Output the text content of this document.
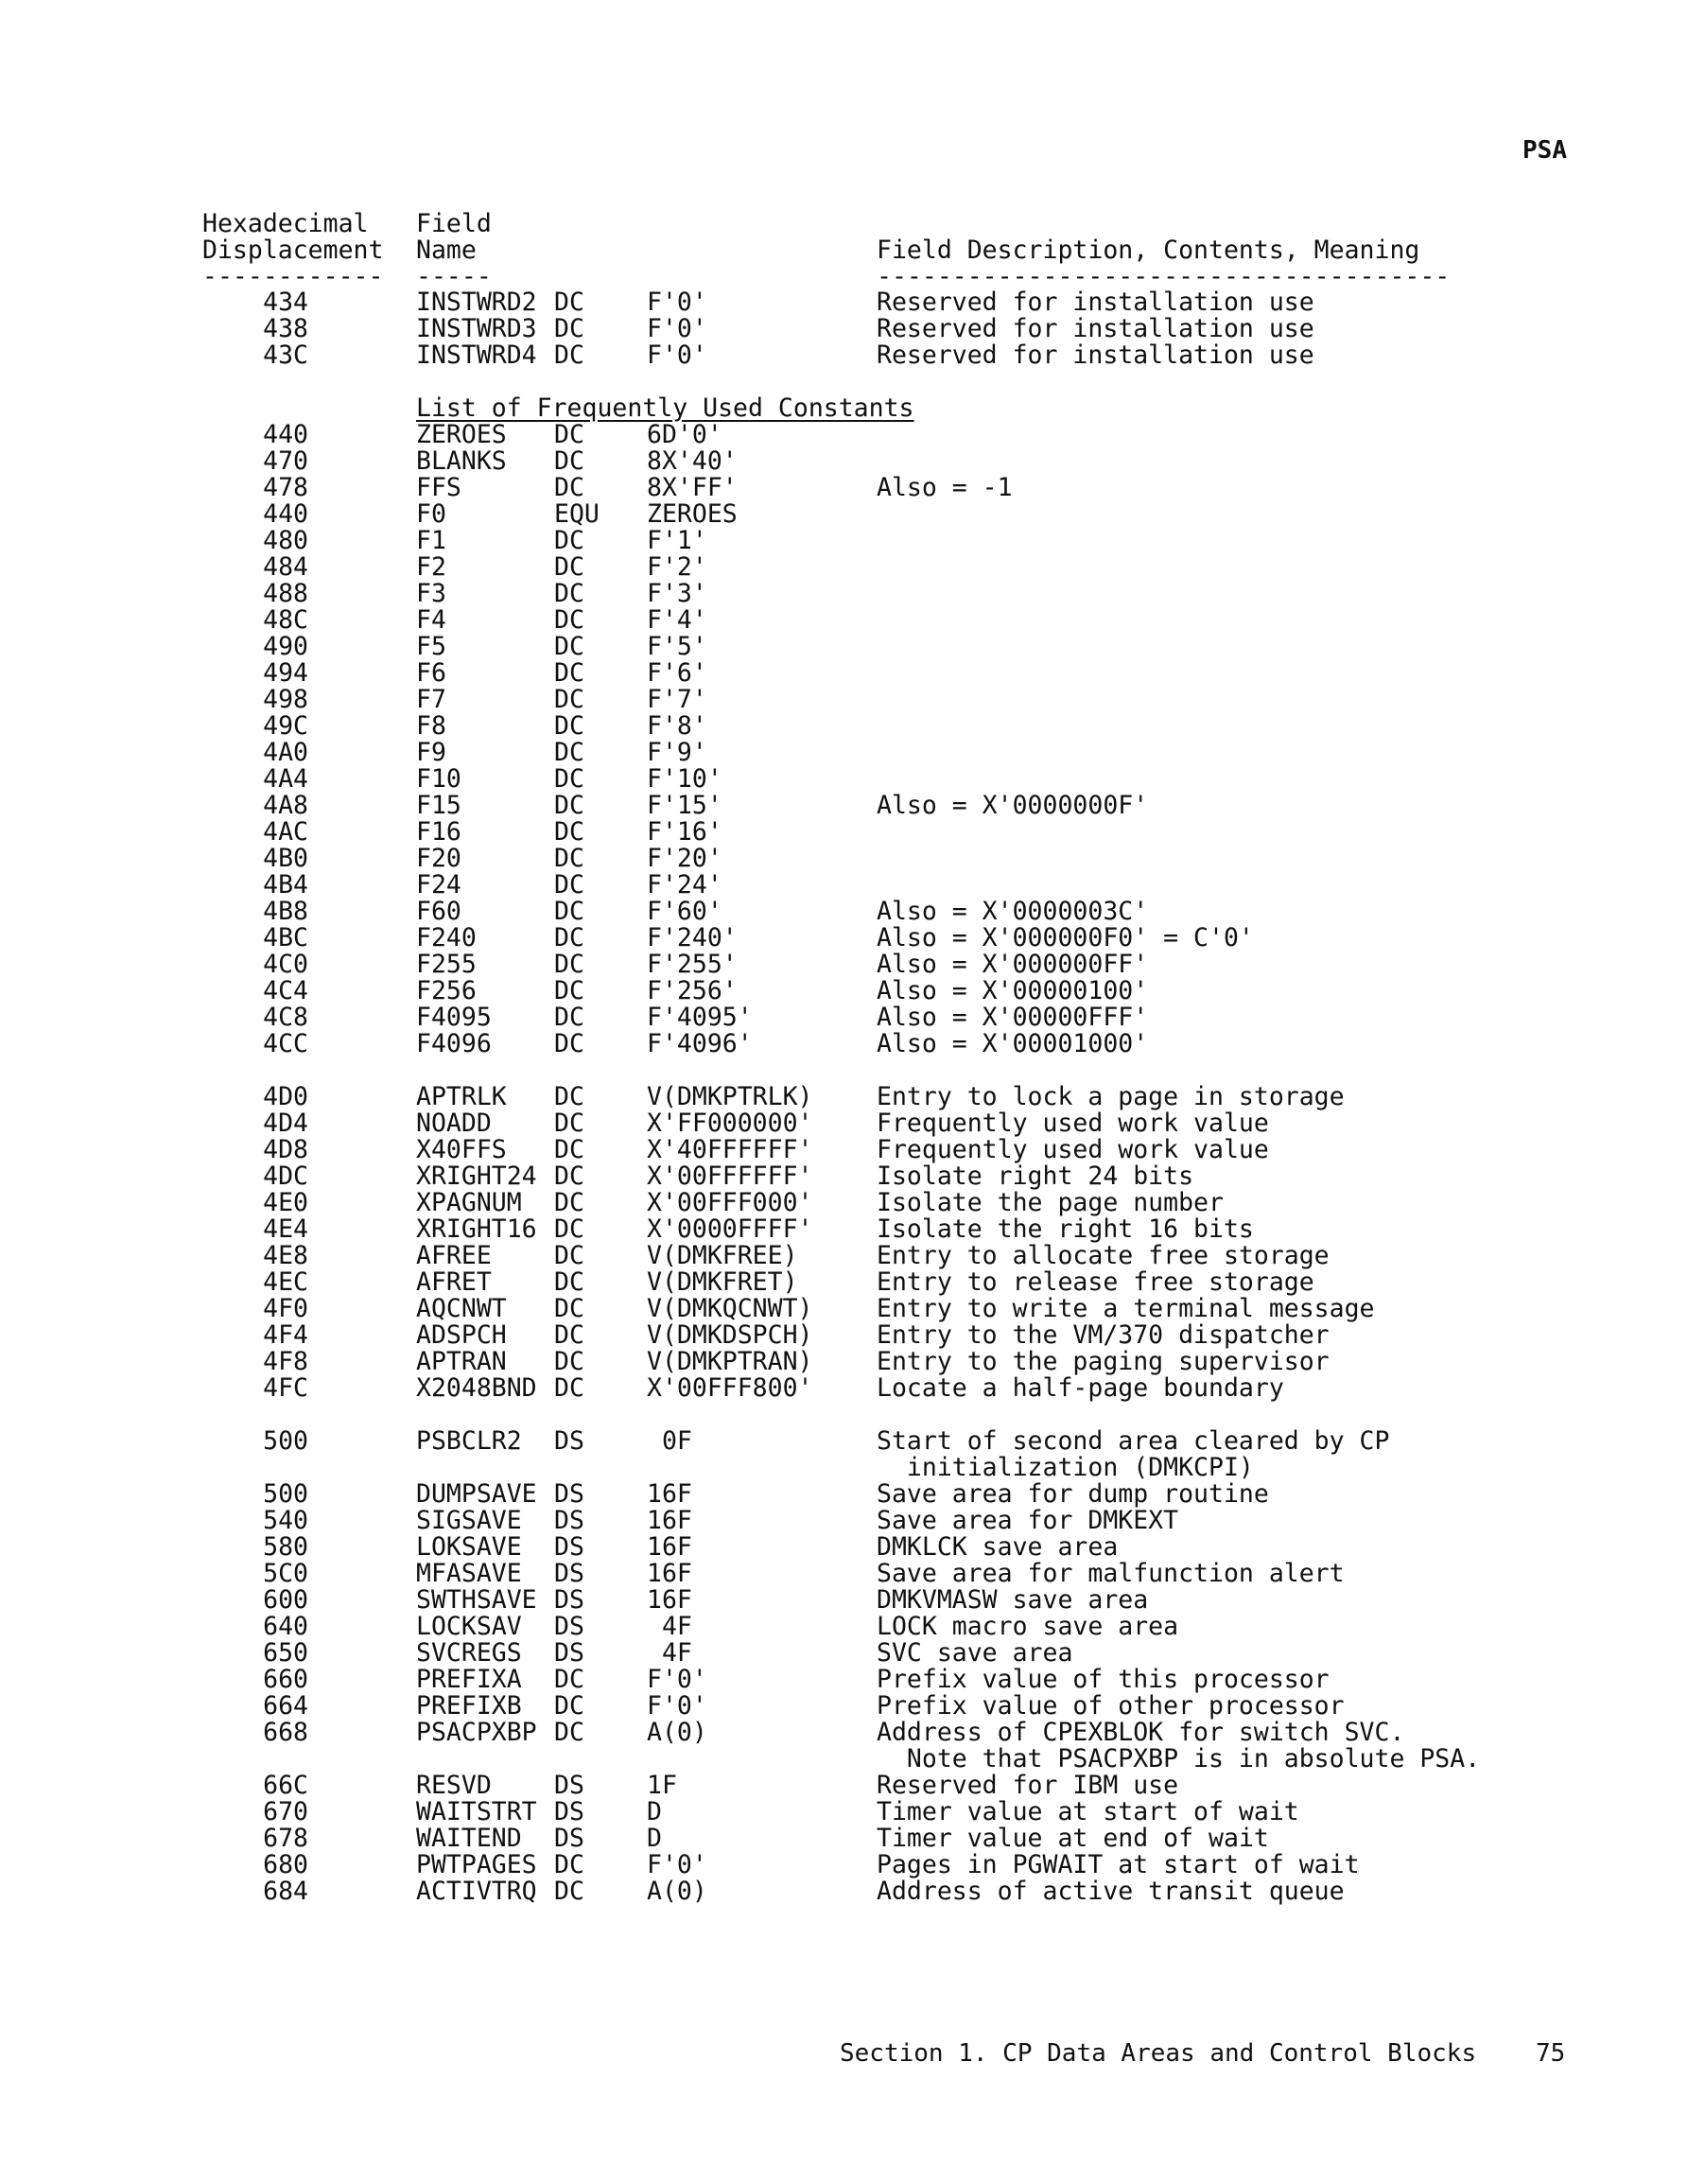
PSA
Hexadecimal
Displacement
Field
Name	Field Description, Contents, Meaning
------------ -----	--------------------------------------
List of Frequently Used Constants
434	INSTWRD2 DC F'0'	Reserved for installation use
438	INSTWRD3 DC F'0'	Reserved for installation use
43C	INSTWRD4 DC F'0'	Reserved for installation use
440	ZEROES DC 6D'0'
470	BLANKS DC 8X'40'
478	FFS	DC 8X'FF'	Also = -1
440	F0	EQU ZEROES
480	F1	DC F'1'
484	F2	DC F'2'
488	F3	DC F'3'
48C	F4	DC F'4'
490	F5	DC F'5'
494	F6	DC F'6'
498	F7	DC F'7'
49C	F8	DC F'8'
4A0	F9	DC F'9'
4A4	F10	DC F'10'
4A8	F15	DC F'15'	Also = X'0000000F'
4AC	F16	DC F'16'
4B0	F20	DC F'20'
4B4	F24	DC F'24'
4B8	F60	DC F'60'	Also = X'0000003C'
4BC	F240	DC F'240'	Also = X'000000F0' = C'0'
4C0	F255	DC F'255'	Also = X'000000FF'
4C4	F256	DC F'256'	Also = X'00000100'
4C8	F4095 DC F'4095'	Also = X'00000FFF'
4CC	F4096 DC F'4096'	Also = X'00001000'
4D0	APTRLK DC V(DMKPTRLK)	Entry to lock a page in storage
4D4	NOADD DC X'FF000000'	Frequently used work value
4D8	X40FFS DC X'40FFFFFF'	Frequently used work value
4DC	XRIGHT24 DC X'00FFFFFF'	Isolate right 24 bits
4E0	XPAGNUM DC X'00FFF000'	Isolate the page number
4E4	XRIGHT16 DC X'0000FFFF'	Isolate the right 16 bits
4E8	AFREE DC V(DMKFREE)	Entry to allocate free storage
4EC	AFRET DC V(DMKFRET)	Entry to release free storage
4F0	AQCNWT DC V(DMKQCNWT)	Entry to write a terminal message
4F4	ADSPCH DC V(DMKDSPCH)	Entry to the VM/370 dispatcher
4F8	APTRAN DC V(DMKPTRAN)	Entry to the paging supervisor
4FC	X2048BND DC X'00FFF800'	Locate a half-page boundary
500	PSBCLR2 DS 0F	Start of second area cleared by CP
initialization (DMKCPI)
500	DUMPSAVE DS 16F	Save area for dump routine
540	SIGSAVE DS 16F	Save area for DMKEXT
580	LOKSAVE DS 16F	DMKLCK save area
5C0	MFASAVE DS 16F	Save area for malfunction alert
600	SWTHSAVE DS 16F	DMKVMASW save area
640	LOCKSAV DS 4F	LOCK macro save area
650	SVCREGS DS 4F	SVC save area
660	PREFIXA DC F'0'	Prefix value of this processor
664	PREFIXB DC F'0'	Prefix value of other processor
668	PSACPXBP DC A(0)	Address of CPEXBLOK for switch SVC.
Note that PSACPXBP is in absolute PSA.
66C	RESVD DS 1F	Reserved for IBM use
670	WAITSTRT DS D	Timer value at start of wait
678	WAITEND DS D	Timer value at end of wait
680	PWTPAGES DC F'0'	Pages in PGWAIT at start of wait
684	ACTIVTRQ DC A(0)	Address of active transit queue
Section 1. CP Data Areas and Control Blocks 75
